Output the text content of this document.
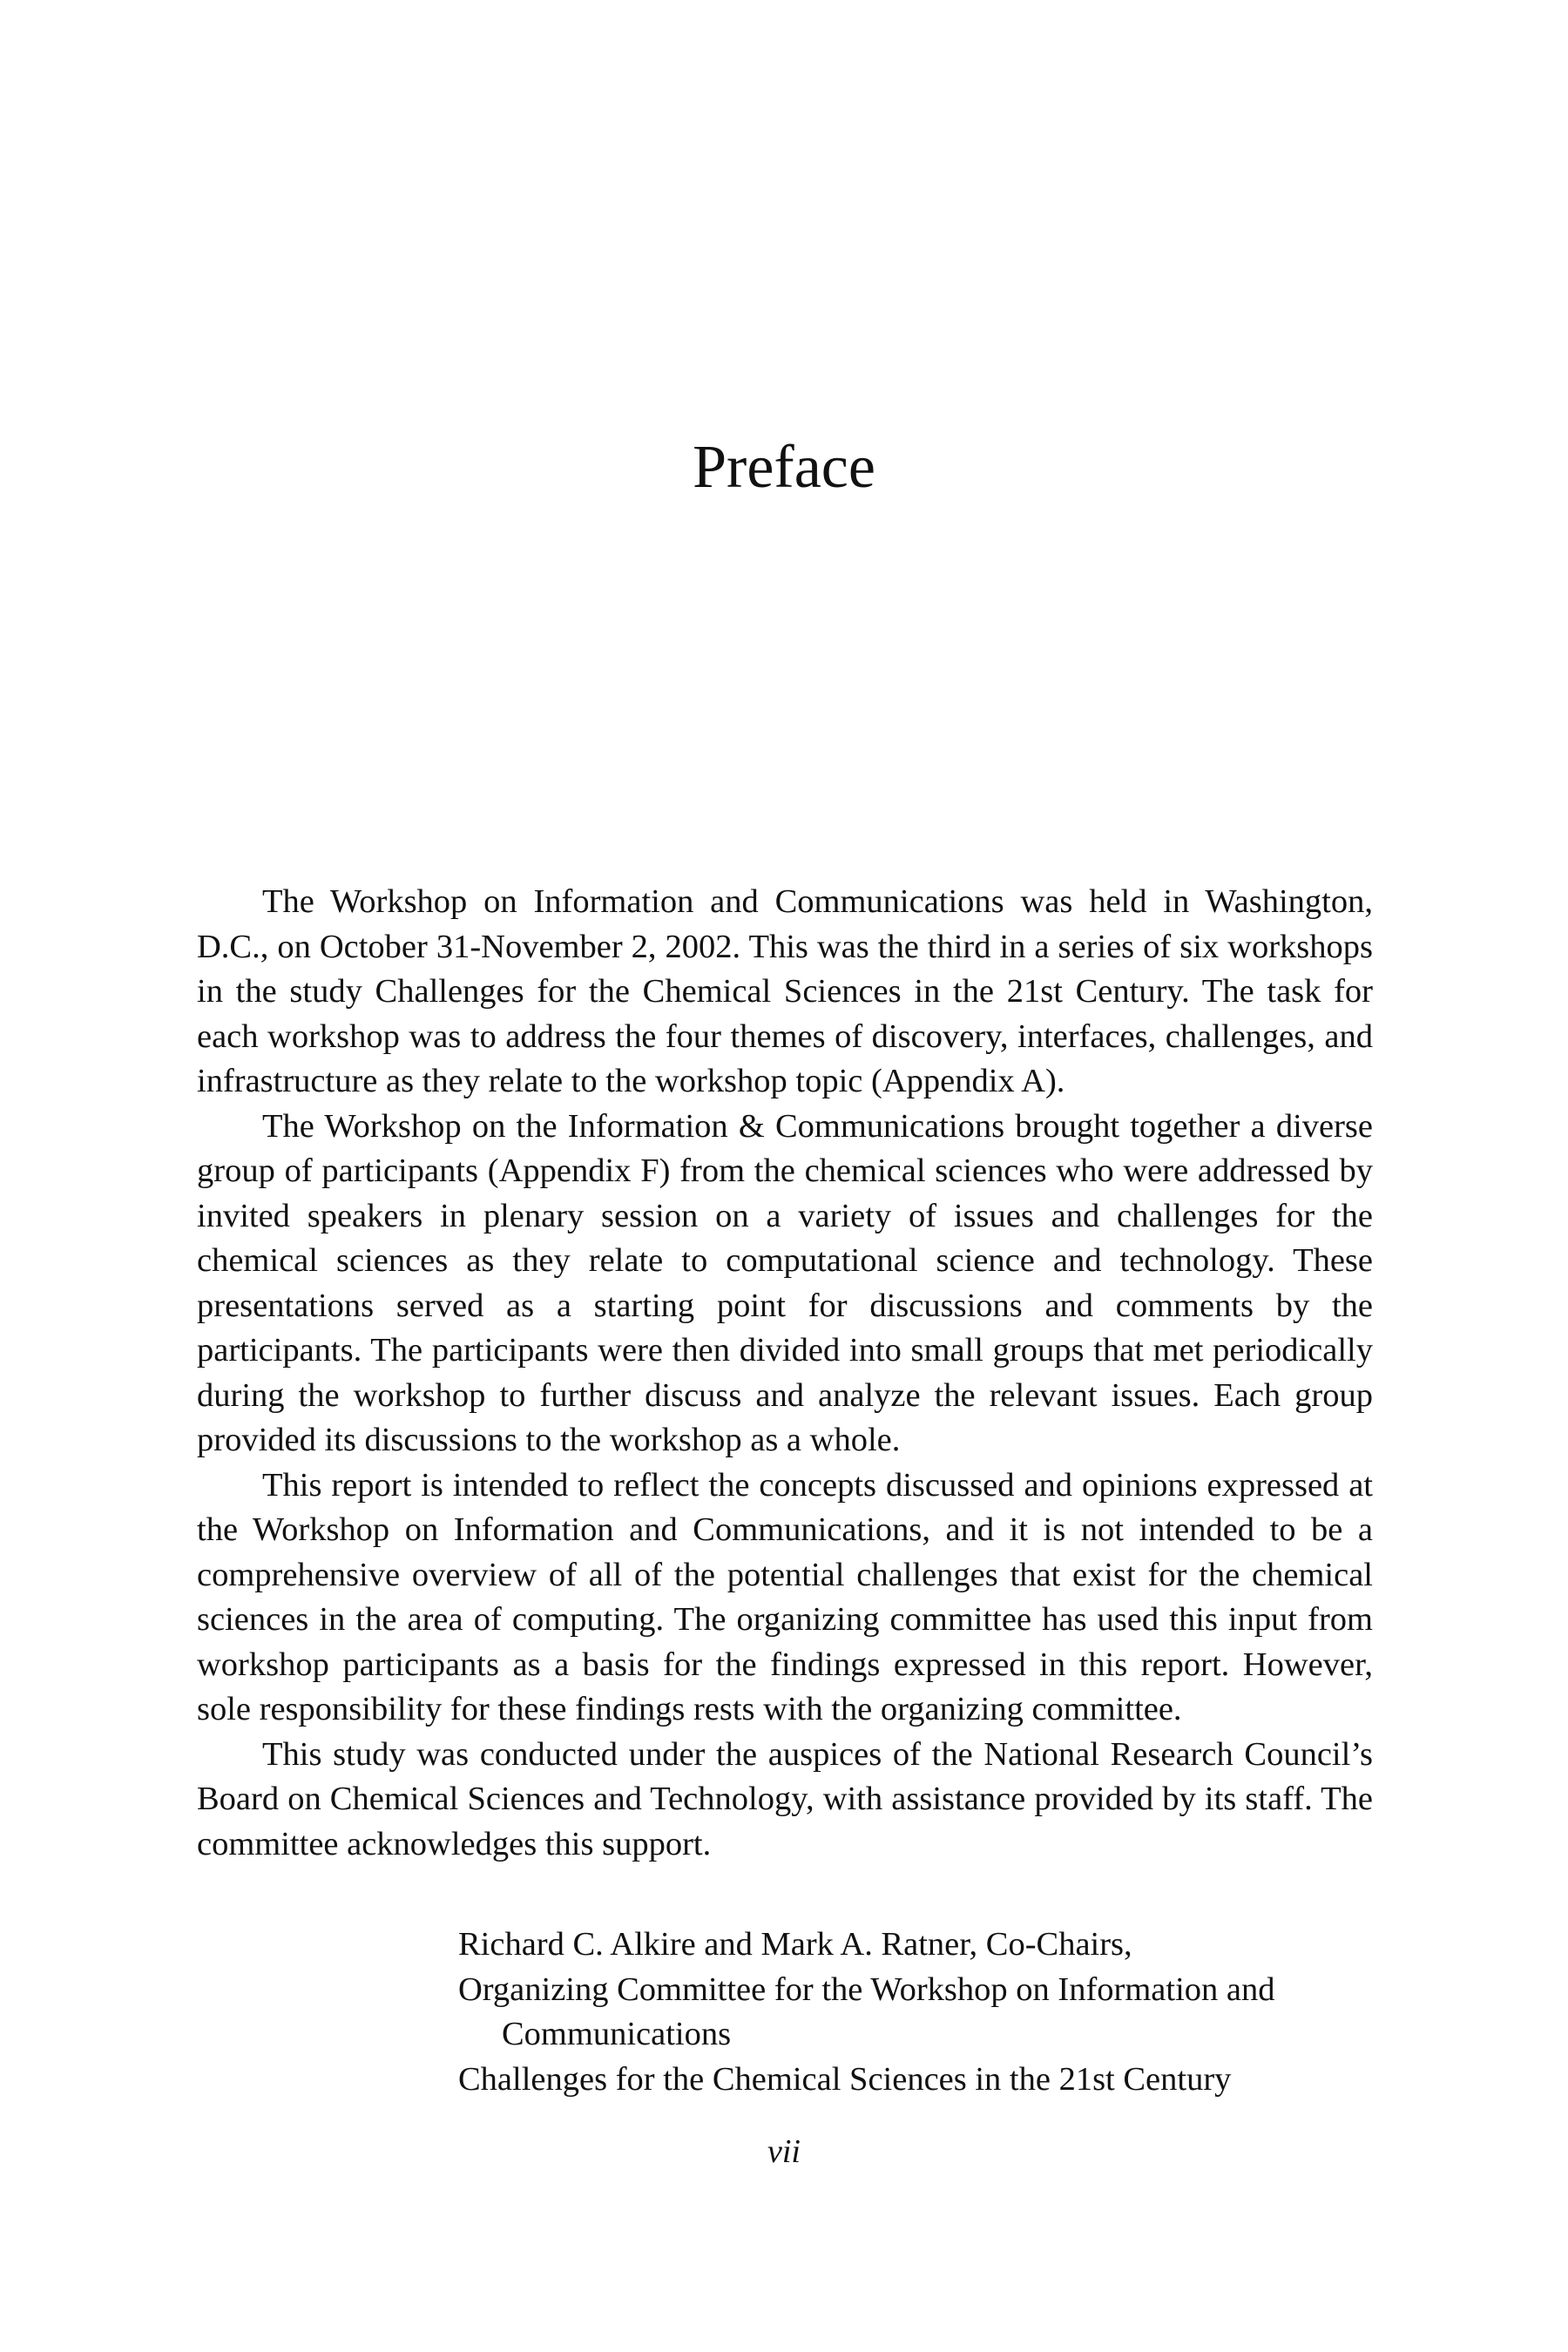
Preface

The Workshop on Information and Communications was held in Washington, D.C., on October 31-November 2, 2002. This was the third in a series of six workshops in the study Challenges for the Chemical Sciences in the 21st Century. The task for each workshop was to address the four themes of discovery, interfaces, challenges, and infrastructure as they relate to the workshop topic (Appendix A).

The Workshop on the Information & Communications brought together a diverse group of participants (Appendix F) from the chemical sciences who were addressed by invited speakers in plenary session on a variety of issues and challenges for the chemical sciences as they relate to computational science and technology. These presentations served as a starting point for discussions and comments by the participants. The participants were then divided into small groups that met periodically during the workshop to further discuss and analyze the relevant issues. Each group provided its discussions to the workshop as a whole.

This report is intended to reflect the concepts discussed and opinions expressed at the Workshop on Information and Communications, and it is not intended to be a comprehensive overview of all of the potential challenges that exist for the chemical sciences in the area of computing. The organizing committee has used this input from workshop participants as a basis for the findings expressed in this report. However, sole responsibility for these findings rests with the organizing committee.

This study was conducted under the auspices of the National Research Council’s Board on Chemical Sciences and Technology, with assistance provided by its staff. The committee acknowledges this support.

Richard C. Alkire and Mark A. Ratner, Co-Chairs,
Organizing Committee for the Workshop on Information and Communications
Challenges for the Chemical Sciences in the 21st Century
vii
